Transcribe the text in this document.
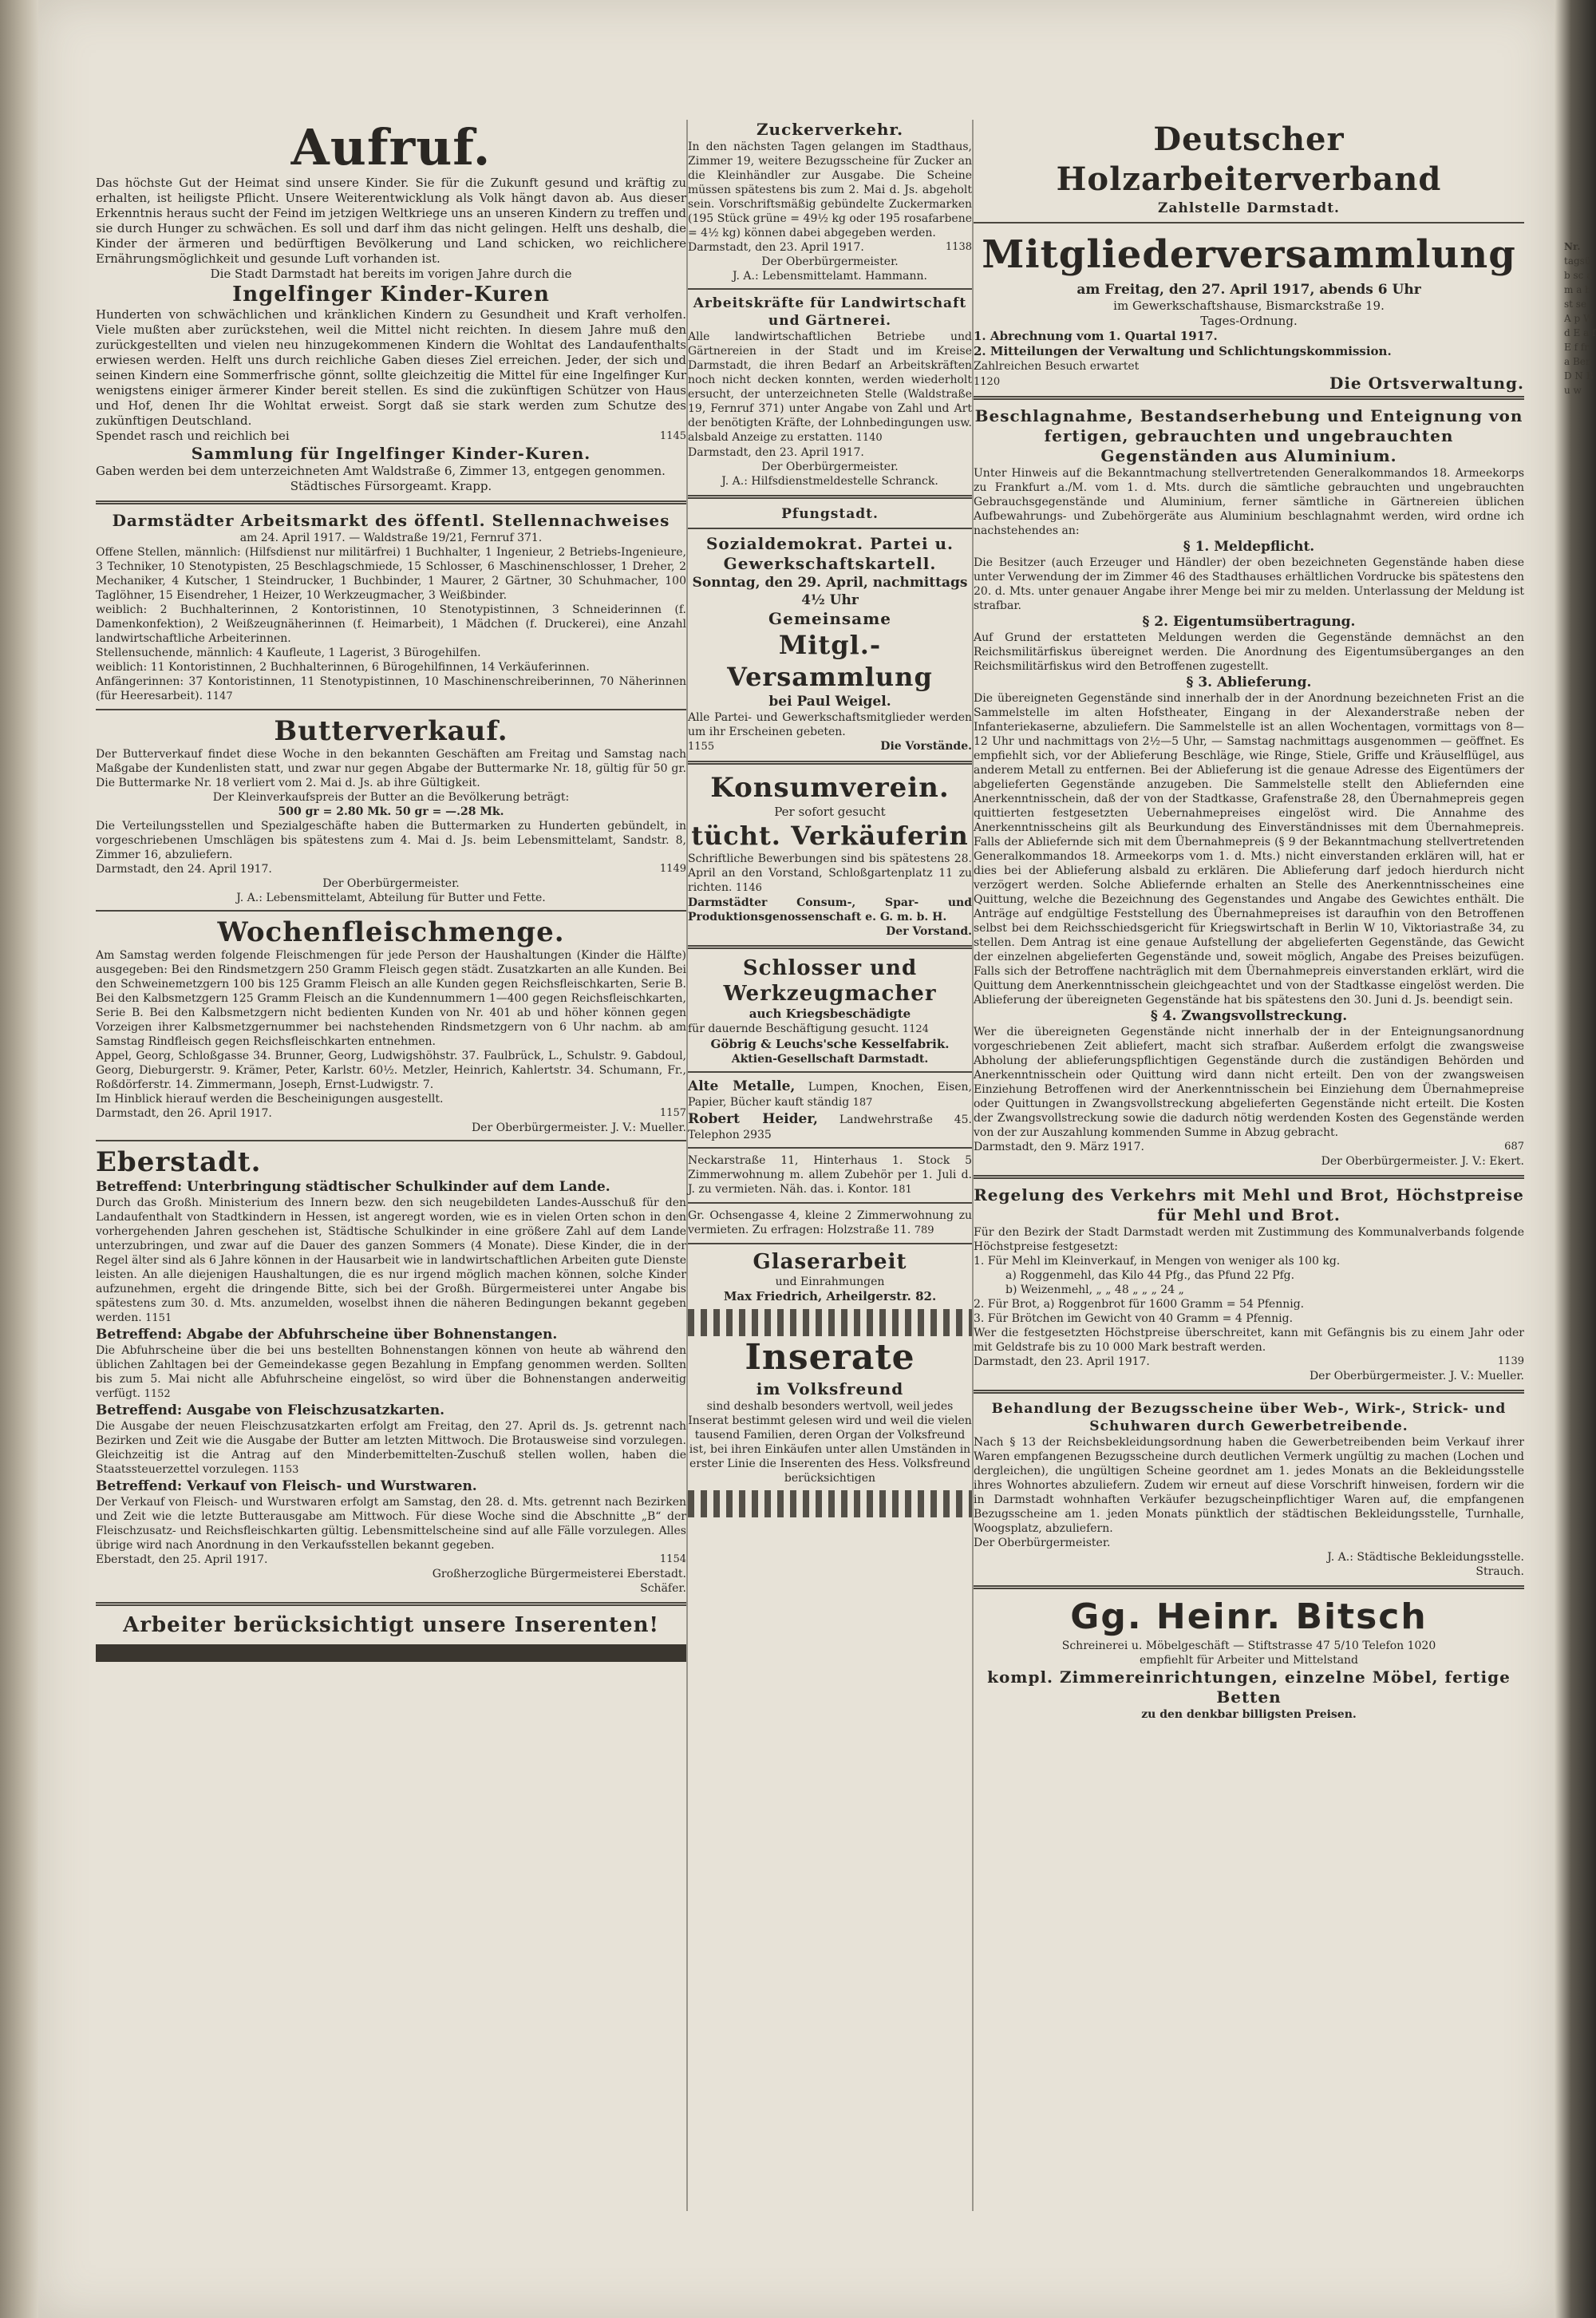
Aufruf.

Das höchste Gut der Heimat sind unsere Kinder. Sie für die Zukunft gesund und kräftig zu erhalten, ist heiligste Pflicht. Unsere Weiterentwicklung als Volk hängt davon ab. Aus dieser Erkenntnis heraus sucht der Feind im jetzigen Weltkriege uns an unseren Kindern zu treffen und sie durch Hunger zu schwächen. Es soll und darf ihm das nicht gelingen. Helft uns deshalb, die Kinder der ärmeren und bedürftigen Bevölkerung und Land schicken, wo reichlichere Ernährungsmöglichkeit und gesunde Luft vorhanden ist.

Die Stadt Darmstadt hat bereits im vorigen Jahre durch die

Ingelfinger Kinder-Kuren

Hunderten von schwächlichen und kränklichen Kindern zu Gesundheit und Kraft verholfen. Viele mußten aber zurückstehen, weil die Mittel nicht reichten. In diesem Jahre muß den zurückgestellten und vielen neu hinzugekommenen Kindern die Wohltat des Landaufenthalts erwiesen werden. Helft uns durch reichliche Gaben dieses Ziel erreichen. Jeder, der sich und seinen Kindern eine Sommerfrische gönnt, sollte gleichzeitig die Mittel für eine Ingelfinger Kur wenigstens einiger ärmerer Kinder bereit stellen. Es sind die zukünftigen Schützer von Haus und Hof, denen Ihr die Wohltat erweist. Sorgt daß sie stark werden zum Schutze des zukünftigen Deutschland.

Spendet rasch und reichlich bei	1145

Sammlung für Ingelfinger Kinder-Kuren.

Gaben werden bei dem unterzeichneten Amt Waldstraße 6, Zimmer 13, entgegen genommen.

Städtisches Fürsorgeamt. Krapp.

Darmstädter Arbeitsmarkt des öffentl. Stellennachweises

am 24. April 1917. — Waldstraße 19/21, Fernruf 371.

Offene Stellen, männlich: (Hilfsdienst nur militärfrei) 1 Buchhalter, 1 Ingenieur, 2 Betriebs-Ingenieure, 3 Techniker, 10 Stenotypisten, 25 Beschlagschmiede, 15 Schlosser, 6 Maschinenschlosser, 1 Dreher, 2 Mechaniker, 4 Kutscher, 1 Steindrucker, 1 Buchbinder, 1 Maurer, 2 Gärtner, 30 Schuhmacher, 100 Taglöhner, 15 Eisendreher, 1 Heizer, 10 Werkzeugmacher, 3 Weißbinder.

weiblich: 2 Buchhalterinnen, 2 Kontoristinnen, 10 Stenotypistinnen, 3 Schneiderinnen (f. Damenkonfektion), 2 Weißzeugnäherinnen (f. Heimarbeit), 1 Mädchen (f. Druckerei), eine Anzahl landwirtschaftliche Arbeiterinnen.

Stellensuchende, männlich: 4 Kaufleute, 1 Lagerist, 3 Bürogehilfen.

weiblich: 11 Kontoristinnen, 2 Buchhalterinnen, 6 Bürogehilfinnen, 14 Verkäuferinnen.

Anfängerinnen: 37 Kontoristinnen, 11 Stenotypistinnen, 10 Maschinenschreiberinnen, 70 Näherinnen (für Heeresarbeit). 1147

Butterverkauf.

Der Butterverkauf findet diese Woche in den bekannten Geschäften am Freitag und Samstag nach Maßgabe der Kundenlisten statt, und zwar nur gegen Abgabe der Buttermarke Nr. 18, gültig für 50 gr. Die Buttermarke Nr. 18 verliert vom 2. Mai d. Js. ab ihre Gültigkeit.

Der Kleinverkaufspreis der Butter an die Bevölkerung beträgt:

500 gr = 2.80 Mk. 50 gr = —.28 Mk.

Die Verteilungsstellen und Spezialgeschäfte haben die Buttermarken zu Hunderten gebündelt, in vorgeschriebenen Umschlägen bis spätestens zum 4. Mai d. Js. beim Lebensmittelamt, Sandstr. 8, Zimmer 16, abzuliefern.

Darmstadt, den 24. April 1917.	1149

Der Oberbürgermeister.

J. A.: Lebensmittelamt, Abteilung für Butter und Fette.

Wochenfleischmenge.

Am Samstag werden folgende Fleischmengen für jede Person der Haushaltungen (Kinder die Hälfte) ausgegeben: Bei den Rindsmetzgern 250 Gramm Fleisch gegen städt. Zusatzkarten an alle Kunden. Bei den Schweinemetzgern 100 bis 125 Gramm Fleisch an alle Kunden gegen Reichsfleischkarten, Serie B. Bei den Kalbsmetzgern 125 Gramm Fleisch an die Kundennummern 1—400 gegen Reichsfleischkarten, Serie B. Bei den Kalbsmetzgern nicht bedienten Kunden von Nr. 401 ab und höher können gegen Vorzeigen ihrer Kalbsmetzgernummer bei nachstehenden Rindsmetzgern von 6 Uhr nachm. ab am Samstag Rindfleisch gegen Reichsfleischkarten entnehmen.

Appel, Georg, Schloßgasse 34. Brunner, Georg, Ludwigshöhstr. 37. Faulbrück, L., Schulstr. 9. Gabdoul, Georg, Dieburgerstr. 9. Krämer, Peter, Karlstr. 60½. Metzler, Heinrich, Kahlertstr. 34. Schumann, Fr., Roßdörferstr. 14. Zimmermann, Joseph, Ernst-Ludwigstr. 7.

Im Hinblick hierauf werden die Bescheinigungen ausgestellt.

Darmstadt, den 26. April 1917.	1157

Der Oberbürgermeister. J. V.: Mueller.

Eberstadt.

Betreffend: Unterbringung städtischer Schulkinder auf dem Lande.

Durch das Großh. Ministerium des Innern bezw. den sich neugebildeten Landes-Ausschuß für den Landaufenthalt von Stadtkindern in Hessen, ist angeregt worden, wie es in vielen Orten schon in den vorhergehenden Jahren geschehen ist, Städtische Schulkinder in eine größere Zahl auf dem Lande unterzubringen, und zwar auf die Dauer des ganzen Sommers (4 Monate). Diese Kinder, die in der Regel älter sind als 6 Jahre können in der Hausarbeit wie in landwirtschaftlichen Arbeiten gute Dienste leisten. An alle diejenigen Haushaltungen, die es nur irgend möglich machen können, solche Kinder aufzunehmen, ergeht die dringende Bitte, sich bei der Großh. Bürgermeisterei unter Angabe bis spätestens zum 30. d. Mts. anzumelden, woselbst ihnen die näheren Bedingungen bekannt gegeben werden. 1151

Betreffend: Abgabe der Abfuhrscheine über Bohnenstangen.

Die Abfuhrscheine über die bei uns bestellten Bohnenstangen können von heute ab während den üblichen Zahltagen bei der Gemeindekasse gegen Bezahlung in Empfang genommen werden. Sollten bis zum 5. Mai nicht alle Abfuhrscheine eingelöst, so wird über die Bohnenstangen anderweitig verfügt. 1152

Betreffend: Ausgabe von Fleischzusatzkarten.

Die Ausgabe der neuen Fleischzusatzkarten erfolgt am Freitag, den 27. April ds. Js. getrennt nach Bezirken und Zeit wie die Ausgabe der Butter am letzten Mittwoch. Die Brotausweise sind vorzulegen. Gleichzeitig ist die Antrag auf den Minderbemittelten-Zuschuß stellen wollen, haben die Staatssteuerzettel vorzulegen. 1153

Betreffend: Verkauf von Fleisch- und Wurstwaren.

Der Verkauf von Fleisch- und Wurstwaren erfolgt am Samstag, den 28. d. Mts. getrennt nach Bezirken und Zeit wie die letzte Butterausgabe am Mittwoch. Für diese Woche sind die Abschnitte „B“ der Fleischzusatz- und Reichsfleischkarten gültig. Lebensmittelscheine sind auf alle Fälle vorzulegen. Alles übrige wird nach Anordnung in den Verkaufsstellen bekannt gegeben.

Eberstadt, den 25. April 1917.	1154

Großherzogliche Bürgermeisterei Eberstadt.

Schäfer.

Arbeiter berücksichtigt unsere Inserenten!
Zuckerverkehr.

In den nächsten Tagen gelangen im Stadthaus, Zimmer 19, weitere Bezugsscheine für Zucker an die Kleinhändler zur Ausgabe. Die Scheine müssen spätestens bis zum 2. Mai d. Js. abgeholt sein. Vorschriftsmäßig gebündelte Zuckermarken (195 Stück grüne = 49½ kg oder 195 rosafarbene = 4½ kg) können dabei abgegeben werden.

Darmstadt, den 23. April 1917.	1138

Der Oberbürgermeister.

J. A.: Lebensmittelamt. Hammann.

Arbeitskräfte für Landwirtschaft und Gärtnerei.

Alle landwirtschaftlichen Betriebe und Gärtnereien in der Stadt und im Kreise Darmstadt, die ihren Bedarf an Arbeitskräften noch nicht decken konnten, werden wiederholt ersucht, der unterzeichneten Stelle (Waldstraße 19, Fernruf 371) unter Angabe von Zahl und Art der benötigten Kräfte, der Lohnbedingungen usw. alsbald Anzeige zu erstatten. 1140

Darmstadt, den 23. April 1917.

Der Oberbürgermeister.

J. A.: Hilfsdienstmeldestelle Schranck.

Pfungstadt.
Sozialdemokrat. Partei u. Gewerkschaftskartell.

Sonntag, den 29. April, nachmittags 4½ Uhr

Gemeinsame
Mitgl.-Versammlung

bei Paul Weigel.

Alle Partei- und Gewerkschaftsmitglieder werden um ihr Erscheinen gebeten.

1155	Die Vorstände.

Konsumverein.

Per sofort gesucht

tücht. Verkäuferin

Schriftliche Bewerbungen sind bis spätestens 28. April an den Vorstand, Schloßgartenplatz 11 zu richten. 1146

Darmstädter Consum-, Spar- und Produktionsgenossenschaft e. G. m. b. H.

Der Vorstand.

Schlosser und Werkzeugmacher

auch Kriegsbeschädigte

für dauernde Beschäftigung gesucht. 1124

Göbrig & Leuchs'sche Kesselfabrik.

Aktien-Gesellschaft Darmstadt.

Alte Metalle, Lumpen, Knochen, Eisen, Papier, Bücher kauft ständig 187

Robert Heider, Landwehrstraße 45. Telephon 2935

Neckarstraße 11, Hinterhaus 1. Stock 5 Zimmerwohnung m. allem Zubehör per 1. Juli d. J. zu vermieten. Näh. das. i. Kontor. 181

Gr. Ochsengasse 4, kleine 2 Zimmerwohnung zu vermieten. Zu erfragen: Holzstraße 11. 789

Glaserarbeit

und Einrahmungen

Max Friedrich, Arheilgerstr. 82.

Inserate
im Volksfreund

sind deshalb besonders wertvoll, weil jedes Inserat bestimmt gelesen wird und weil die vielen tausend Familien, deren Organ der Volksfreund ist, bei ihren Einkäufen unter allen Umständen in erster Linie die Inserenten des Hess. Volksfreund berücksichtigen

Deutscher Holzarbeiterverband
Zahlstelle Darmstadt.
Mitgliederversammlung

am Freitag, den 27. April 1917, abends 6 Uhr

im Gewerkschaftshause, Bismarckstraße 19.

Tages-Ordnung.

1. Abrechnung vom 1. Quartal 1917.

2. Mitteilungen der Verwaltung und Schlichtungskommission.

Zahlreichen Besuch erwartet

1120	Die Ortsverwaltung.

Beschlagnahme, Bestandserhebung und Enteignung von fertigen, gebrauchten und ungebrauchten Gegenständen aus Aluminium.

Unter Hinweis auf die Bekanntmachung stellvertretenden Generalkommandos 18. Armeekorps zu Frankfurt a./M. vom 1. d. Mts. durch die sämtliche gebrauchten und ungebrauchten Gebrauchsgegenstände und Aluminium, ferner sämtliche in Gärtnereien üblichen Aufbewahrungs- und Zubehörgeräte aus Aluminium beschlagnahmt werden, wird ordne ich nachstehendes an:

§ 1. Meldepflicht.

Die Besitzer (auch Erzeuger und Händler) der oben bezeichneten Gegenstände haben diese unter Verwendung der im Zimmer 46 des Stadthauses erhältlichen Vordrucke bis spätestens den 20. d. Mts. unter genauer Angabe ihrer Menge bei mir zu melden. Unterlassung der Meldung ist strafbar.

§ 2. Eigentumsübertragung.

Auf Grund der erstatteten Meldungen werden die Gegenstände demnächst an den Reichsmilitärfiskus übereignet werden. Die Anordnung des Eigentumsüberganges an den Reichsmilitärfiskus wird den Betroffenen zugestellt.

§ 3. Ablieferung.

Die übereigneten Gegenstände sind innerhalb der in der Anordnung bezeichneten Frist an die Sammelstelle im alten Hofstheater, Eingang in der Alexanderstraße neben der Infanteriekaserne, abzuliefern. Die Sammelstelle ist an allen Wochentagen, vormittags von 8—12 Uhr und nachmittags von 2½—5 Uhr, — Samstag nachmittags ausgenommen — geöffnet. Es empfiehlt sich, vor der Ablieferung Beschläge, wie Ringe, Stiele, Griffe und Kräuselflügel, aus anderem Metall zu entfernen. Bei der Ablieferung ist die genaue Adresse des Eigentümers der abgelieferten Gegenstände anzugeben. Die Sammelstelle stellt den Abliefernden eine Anerkenntnisschein, daß der von der Stadtkasse, Grafenstraße 28, den Übernahmepreis gegen quittierten festgesetzten Uebernahmepreises eingelöst wird. Die Annahme des Anerkenntnisscheins gilt als Beurkundung des Einverständnisses mit dem Übernahmepreis. Falls der Abliefernde sich mit dem Übernahmepreis (§ 9 der Bekanntmachung stellvertretenden Generalkommandos 18. Armeekorps vom 1. d. Mts.) nicht einverstanden erklären will, hat er dies bei der Ablieferung alsbald zu erklären. Die Ablieferung darf jedoch hierdurch nicht verzögert werden. Solche Abliefernde erhalten an Stelle des Anerkenntnisscheines eine Quittung, welche die Bezeichnung des Gegenstandes und Angabe des Gewichtes enthält. Die Anträge auf endgültige Feststellung des Übernahmepreises ist daraufhin von den Betroffenen selbst bei dem Reichsschiedsgericht für Kriegswirtschaft in Berlin W 10, Viktoriastraße 34, zu stellen. Dem Antrag ist eine genaue Aufstellung der abgelieferten Gegenstände, das Gewicht der einzelnen abgelieferten Gegenstände und, soweit möglich, Angabe des Preises beizufügen. Falls sich der Betroffene nachträglich mit dem Übernahmepreis einverstanden erklärt, wird die Quittung dem Anerkenntnisschein gleichgeachtet und von der Stadtkasse eingelöst werden. Die Ablieferung der übereigneten Gegenstände hat bis spätestens den 30. Juni d. Js. beendigt sein.

§ 4. Zwangsvollstreckung.

Wer die übereigneten Gegenstände nicht innerhalb der in der Enteignungsanordnung vorgeschriebenen Zeit abliefert, macht sich strafbar. Außerdem erfolgt die zwangsweise Abholung der ablieferungspflichtigen Gegenstände durch die zuständigen Behörden und Anerkenntnisschein oder Quittung wird dann nicht erteilt. Den von der zwangsweisen Einziehung Betroffenen wird der Anerkenntnisschein bei Einziehung dem Übernahmepreise oder Quittungen in Zwangsvollstreckung abgelieferten Gegenstände nicht erteilt. Die Kosten der Zwangsvollstreckung sowie die dadurch nötig werdenden Kosten des Gegenstände werden von der zur Auszahlung kommenden Summe in Abzug gebracht.

Darmstadt, den 9. März 1917.	687

Der Oberbürgermeister. J. V.: Ekert.

Regelung des Verkehrs mit Mehl und Brot, Höchstpreise für Mehl und Brot.

Für den Bezirk der Stadt Darmstadt werden mit Zustimmung des Kommunalverbands folgende Höchstpreise festgesetzt:

1. Für Mehl im Kleinverkauf, in Mengen von weniger als 100 kg.

a) Roggenmehl, das Kilo 44 Pfg., das Pfund 22 Pfg.

b) Weizenmehl, „ „ 48 „ „ „ 24 „

2. Für Brot, a) Roggenbrot für 1600 Gramm = 54 Pfennig.

3. Für Brötchen im Gewicht von 40 Gramm = 4 Pfennig.

Wer die festgesetzten Höchstpreise überschreitet, kann mit Gefängnis bis zu einem Jahr oder mit Geldstrafe bis zu 10 000 Mark bestraft werden.

Darmstadt, den 23. April 1917.	1139

Der Oberbürgermeister. J. V.: Mueller.

Behandlung der Bezugsscheine über Web-, Wirk-, Strick- und Schuhwaren durch Gewerbetreibende.

Nach § 13 der Reichsbekleidungsordnung haben die Gewerbetreibenden beim Verkauf ihrer Waren empfangenen Bezugsscheine durch deutlichen Vermerk ungültig zu machen (Lochen und dergleichen), die ungültigen Scheine geordnet am 1. jedes Monats an die Bekleidungsstelle ihres Wohnortes abzuliefern. Zudem wir erneut auf diese Vorschrift hinweisen, fordern wir die in Darmstadt wohnhaften Verkäufer bezugscheinpflichtiger Waren auf, die empfangenen Bezugsscheine am 1. jeden Monats pünktlich der städtischen Bekleidungsstelle, Turnhalle, Woogsplatz, abzuliefern.

Der Oberbürgermeister.

J. A.: Städtische Bekleidungsstelle.

Strauch.

Gg. Heinr. Bitsch

Schreinerei u. Möbelgeschäft — Stiftstrasse 47 5/10 Telefon 1020

empfiehlt für Arbeiter und Mittelstand

kompl. Zimmereinrichtungen, einzelne Möbel, fertige Betten

zu den denkbar billigsten Preisen.

Nr.
tagsüb sc a m a b st se A p W d E a f E f fr a Ben D N Bu w
